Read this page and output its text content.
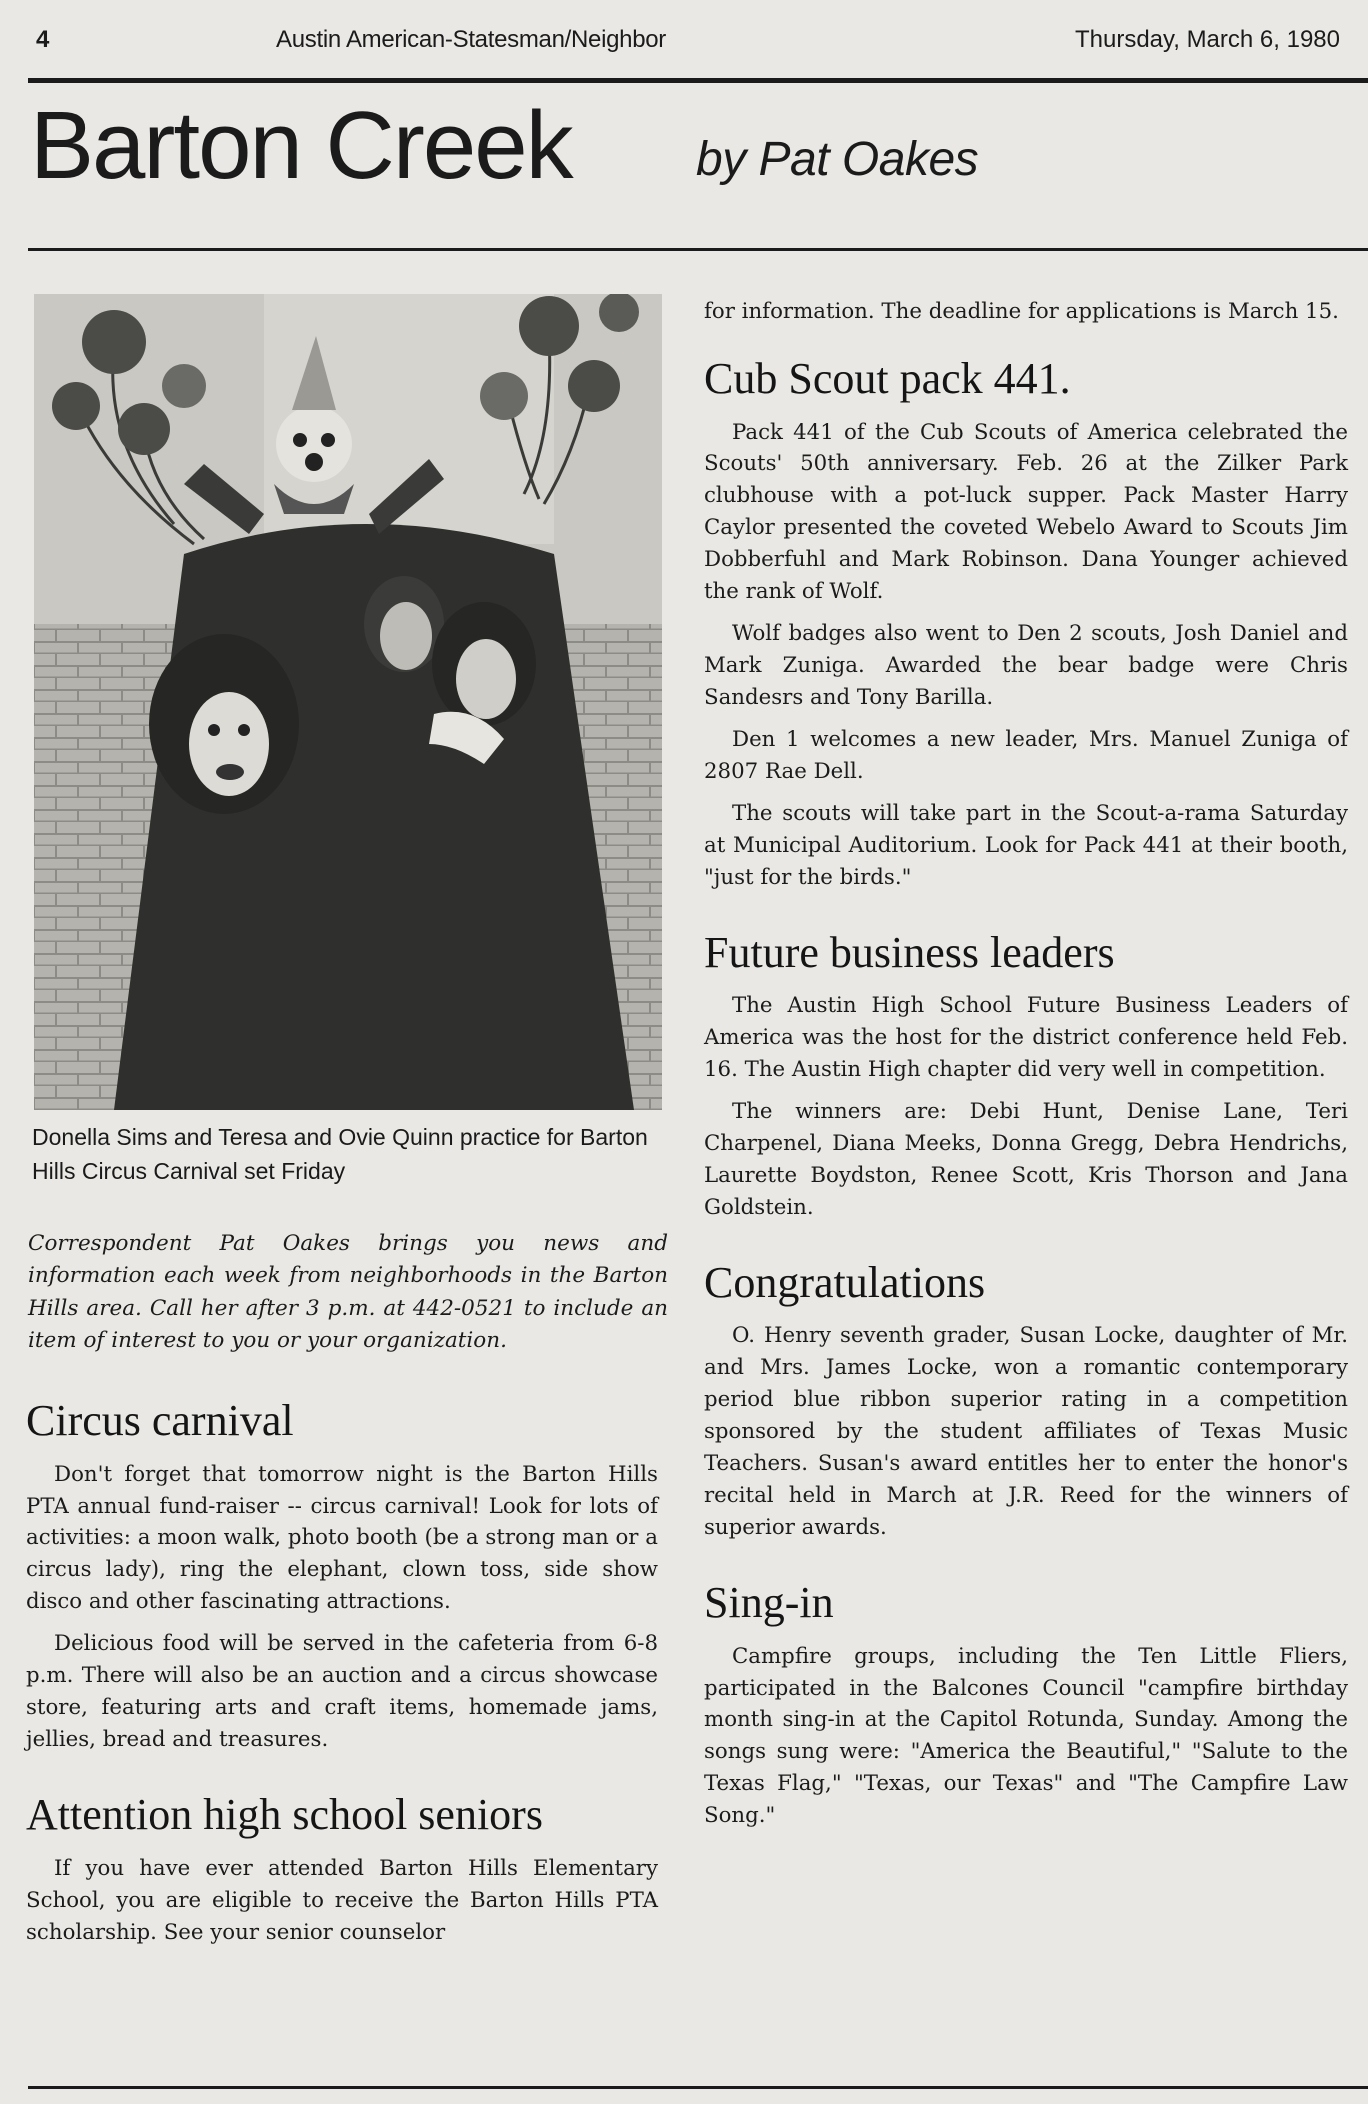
4	Austin American-Statesman/Neighbor	Thursday, March 6, 1980
Barton Creek	by Pat Oakes
Donella Sims and Teresa and Ovie Quinn practice for Barton Hills Circus Carnival set Friday
Correspondent Pat Oakes brings you news and information each week from neighborhoods in the Barton Hills area. Call her after 3 p.m. at 442-0521 to include an item of interest to you or your organization.
Circus carnival

Don't forget that tomorrow night is the Barton Hills PTA annual fund-raiser -- circus carnival! Look for lots of activities: a moon walk, photo booth (be a strong man or a circus lady), ring the elephant, clown toss, side show disco and other fascinating attractions.

Delicious food will be served in the cafeteria from 6-8 p.m. There will also be an auction and a circus showcase store, featuring arts and craft items, homemade jams, jellies, bread and treasures.

Attention high school seniors

If you have ever attended Barton Hills Elementary School, you are eligible to receive the Barton Hills PTA scholarship. See your senior counselor

for information. The deadline for applications is March 15.

Cub Scout pack 441.

Pack 441 of the Cub Scouts of America celebrated the Scouts' 50th anniversary. Feb. 26 at the Zilker Park clubhouse with a pot-luck supper. Pack Master Harry Caylor presented the coveted Webelo Award to Scouts Jim Dobberfuhl and Mark Robinson. Dana Younger achieved the rank of Wolf.

Wolf badges also went to Den 2 scouts, Josh Daniel and Mark Zuniga. Awarded the bear badge were Chris Sandesrs and Tony Barilla.

Den 1 welcomes a new leader, Mrs. Manuel Zuniga of 2807 Rae Dell.

The scouts will take part in the Scout-a-rama Saturday at Municipal Auditorium. Look for Pack 441 at their booth, "just for the birds."

Future business leaders

The Austin High School Future Business Leaders of America was the host for the district conference held Feb. 16. The Austin High chapter did very well in competition.

The winners are: Debi Hunt, Denise Lane, Teri Charpenel, Diana Meeks, Donna Gregg, Debra Hendrichs, Laurette Boydston, Renee Scott, Kris Thorson and Jana Goldstein.

Congratulations

O. Henry seventh grader, Susan Locke, daughter of Mr. and Mrs. James Locke, won a romantic contemporary period blue ribbon superior rating in a competition sponsored by the student affiliates of Texas Music Teachers. Susan's award entitles her to enter the honor's recital held in March at J.R. Reed for the winners of superior awards.

Sing-in

Campfire groups, including the Ten Little Fliers, participated in the Balcones Council "campfire birthday month sing-in at the Capitol Rotunda, Sunday. Among the songs sung were: "America the Beautiful," "Salute to the Texas Flag," "Texas, our Texas" and "The Campfire Law Song."
